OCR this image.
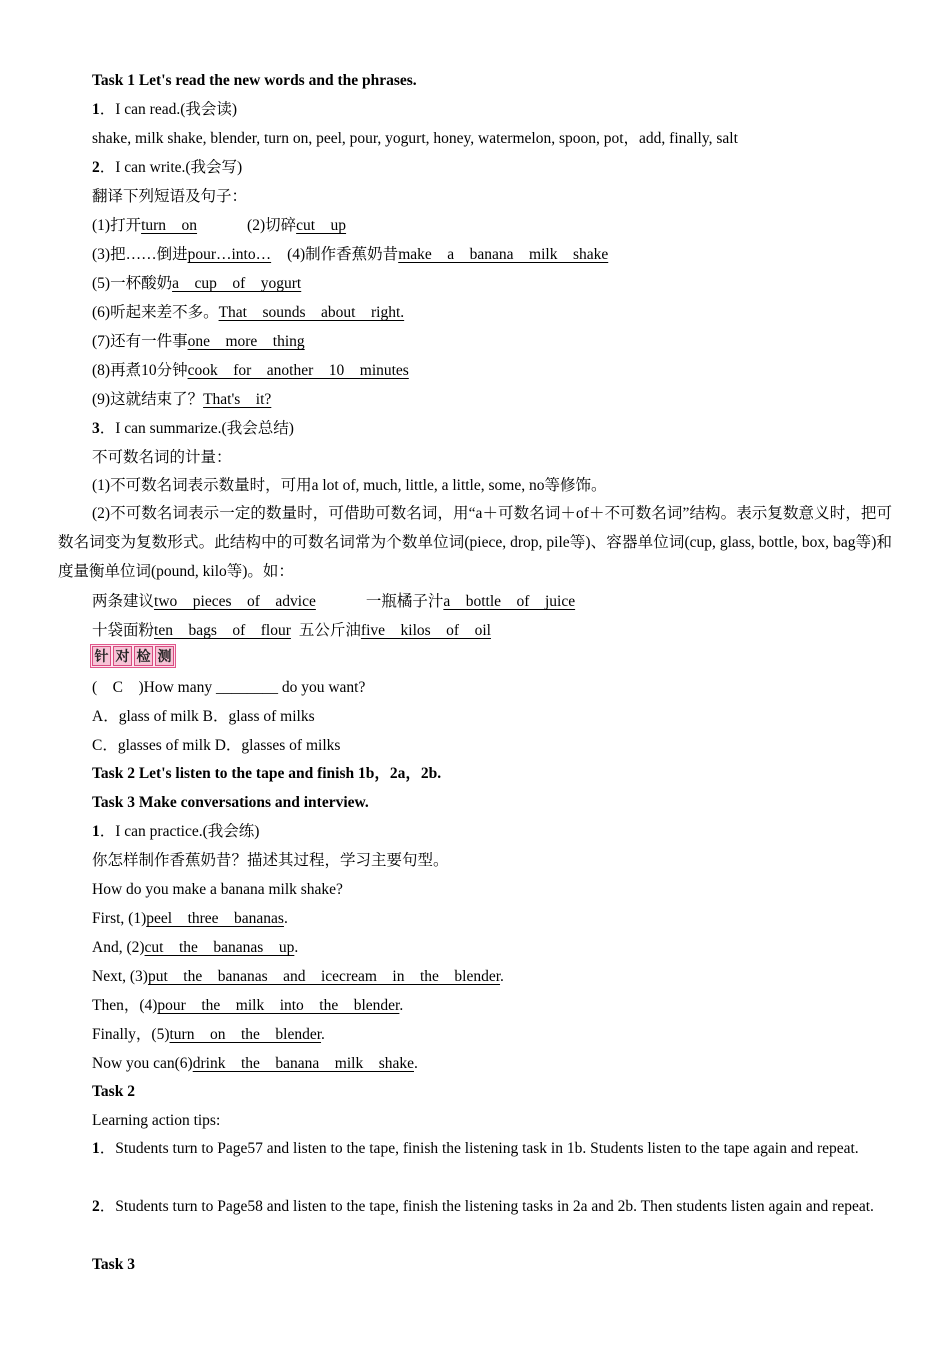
Task 1 Let's read the new words and the phrases.
1．I can read.(我会读)
shake, milk shake, blender, turn on, peel, pour, yogurt, honey, watermelon, spoon, pot，add, finally, salt
2．I can write.(我会写)
翻译下列短语及句子：
(1)打开turn    on	(2)切碎cut    up
(3)把……倒进pour…into… (4)制作香蕉奶昔make    a    banana    milk    shake
(5)一杯酸奶a    cup    of    yogurt
(6)听起来差不多。That    sounds    about    right.
(7)还有一件事one    more    thing
(8)再煮10分钟cook    for    another    10    minutes
(9)这就结束了？That's    it?
3．I can summarize.(我会总结)
不可数名词的计量：
(1)不可数名词表示数量时，可用a lot of, much, little, a little, some, no等修饰。
(2)不可数名词表示一定的数量时，可借助可数名词，用“a＋可数名词＋of＋不可数名词”结构。表示复数意义时，把可数名词变为复数形式。此结构中的可数名词常为个数单位词(piece, drop, pile等)、容器单位词(cup, glass, bottle, box, bag等)和度量衡单位词(pound, kilo等)。如：
两条建议two    pieces    of    advice	一瓶橘子汁a    bottle    of    juice
十袋面粉ten    bags    of    flour 五公斤油five    kilos    of    oil
针 对 检 测
(    C    )How many ________ do you want?
A．glass of milk B．glass of milks
C．glasses of milk D．glasses of milks
Task 2 Let's listen to the tape and finish 1b，2a，2b.
Task 3 Make conversations and interview.
1．I can practice.(我会练)
你怎样制作香蕉奶昔？描述其过程，学习主要句型。
How do you make a banana milk shake?
First, (1)peel    three    bananas.
And, (2)cut    the    bananas    up.
Next, (3)put    the    bananas    and    icecream    in    the    blender.
Then，(4)pour    the    milk    into    the    blender.
Finally，(5)turn    on    the    blender.
Now you can(6)drink    the    banana    milk    shake.
Task 2
Learning action tips:
1．Students turn to Page57 and listen to the tape, finish the listening task in 1b. Students listen to the tape again and repeat.
2．Students turn to Page58 and listen to the tape, finish the listening tasks in 2a and 2b. Then students listen again and repeat.
Task 3
